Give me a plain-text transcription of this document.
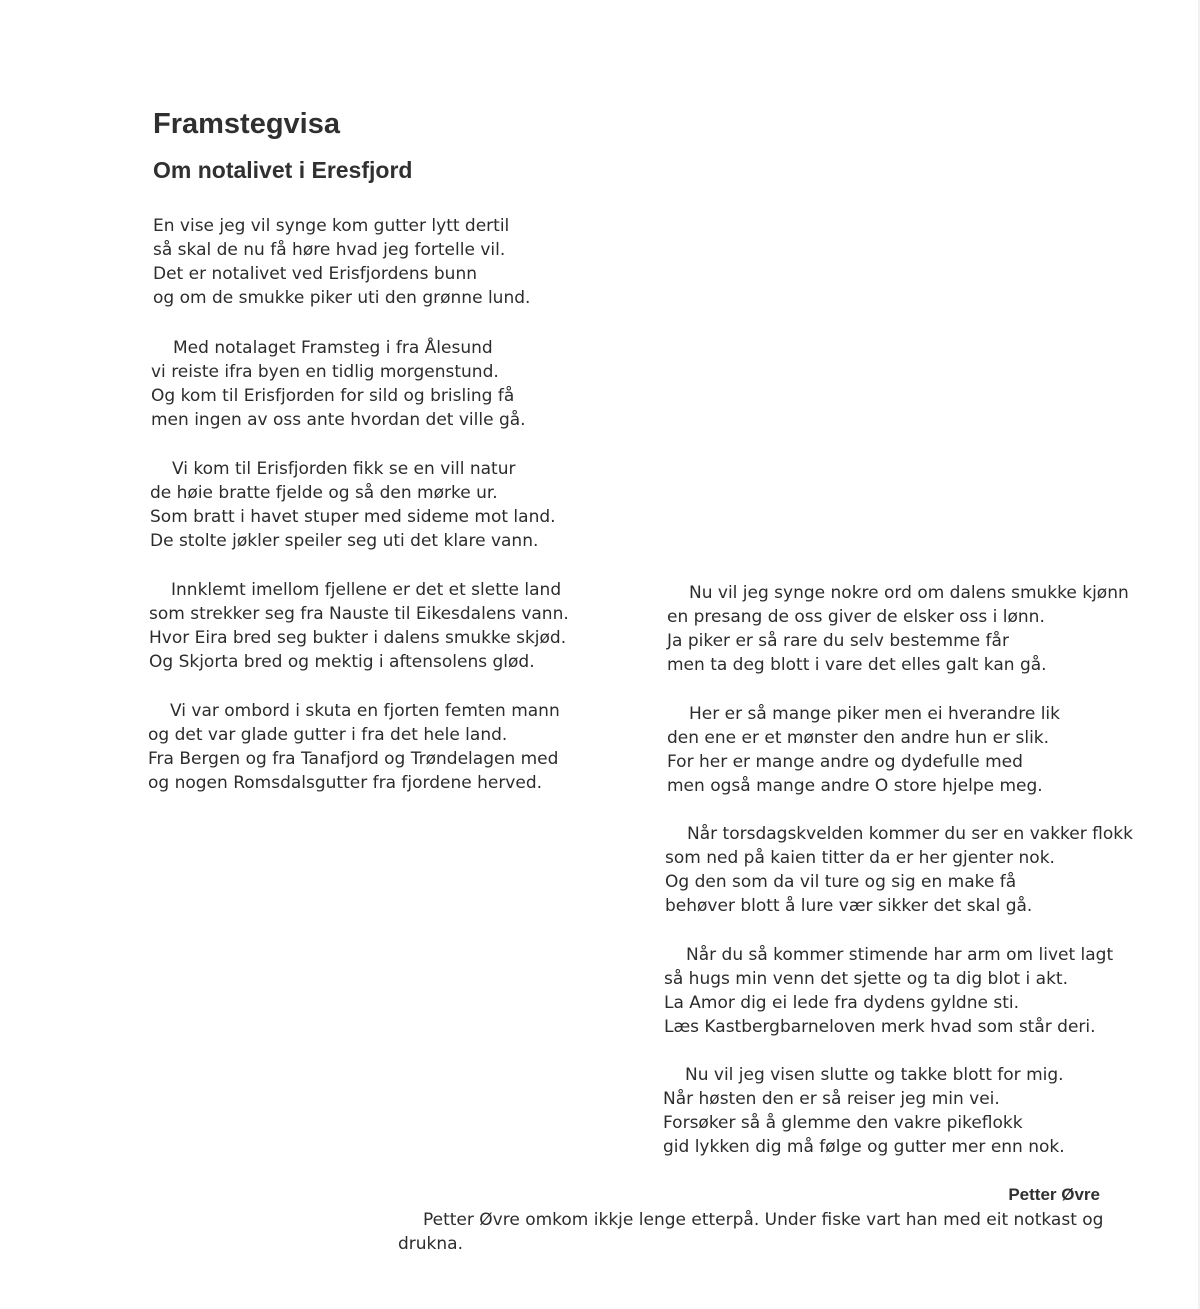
Framstegvisa
Om notalivet i Eresfjord
En vise jeg vil synge kom gutter lytt dertil
så skal de nu få høre hvad jeg fortelle vil.
Det er notalivet ved Erisfjordens bunn
og om de smukke piker uti den grønne lund.
Med notalaget Framsteg i fra Ålesund
vi reiste ifra byen en tidlig morgenstund.
Og kom til Erisfjorden for sild og brisling få
men ingen av oss ante hvordan det ville gå.
Vi kom til Erisfjorden fikk se en vill natur
de høie bratte fjelde og så den mørke ur.
Som bratt i havet stuper med sideme mot land.
De stolte jøkler speiler seg uti det klare vann.
Innklemt imellom fjellene er det et slette land
som strekker seg fra Nauste til Eikesdalens vann.
Hvor Eira bred seg bukter i dalens smukke skjød.
Og Skjorta bred og mektig i aftensolens glød.
Vi var ombord i skuta en fjorten femten mann
og det var glade gutter i fra det hele land.
Fra Bergen og fra Tanafjord og Trøndelagen med
og nogen Romsdalsgutter fra fjordene herved.
Nu vil jeg synge nokre ord om dalens smukke kjønn
en presang de oss giver de elsker oss i lønn.
Ja piker er så rare du selv bestemme får
men ta deg blott i vare det elles galt kan gå.
Her er så mange piker men ei hverandre lik
den ene er et mønster den andre hun er slik.
For her er mange andre og dydefulle med
men også mange andre O store hjelpe meg.
Når torsdagskvelden kommer du ser en vakker flokk
som ned på kaien titter da er her gjenter nok.
Og den som da vil ture og sig en make få
behøver blott å lure vær sikker det skal gå.
Når du så kommer stimende har arm om livet lagt
så hugs min venn det sjette og ta dig blot i akt.
La Amor dig ei lede fra dydens gyldne sti.
Læs Kastbergbarneloven merk hvad som står deri.
Nu vil jeg visen slutte og takke blott for mig.
Når høsten den er så reiser jeg min vei.
Forsøker så å glemme den vakre pikeflokk
gid lykken dig må følge og gutter mer enn nok.
Petter Øvre
Petter Øvre omkom ikkje lenge etterpå. Under fiske vart han med eit notkast og drukna.
